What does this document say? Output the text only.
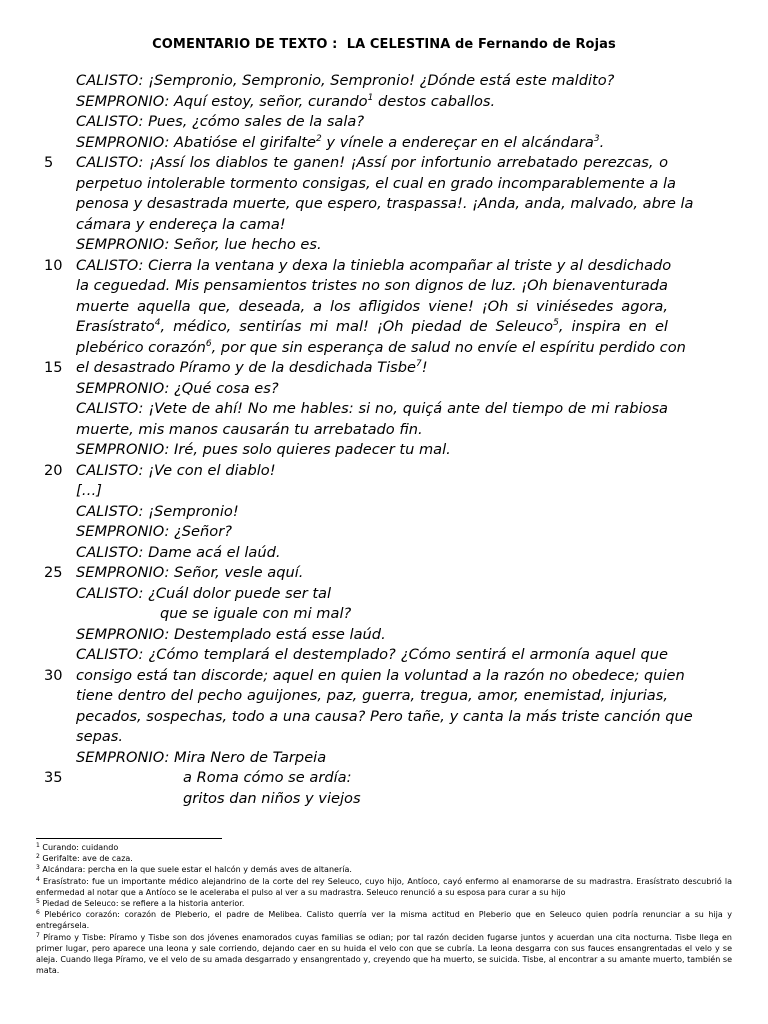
COMENTARIO DE TEXTO :  LA CELESTINA de Fernando de Rojas
CALISTO: ¡Sempronio, Sempronio, Sempronio! ¿Dónde está este maldito?
SEMPRONIO: Aquí estoy, señor, curando$^1$ destos caballos.
CALISTO: Pues, ¿cómo sales de la sala?
SEMPRONIO: Abatióse el girifalte$^2$ y vínele a endereçar en el alcándara$^3$.
5	CALISTO: ¡Assí los diablos te ganen! ¡Assí por infortunio arrebatado perezcas, o
perpetuo intolerable tormento consigas, el cual en grado incomparablemente a la
penosa y desastrada muerte, que espero, traspassa!. ¡Anda, anda, malvado, abre la
cámara y endereça la cama!
SEMPRONIO: Señor, lue hecho es.
10 CALISTO: Cierra la ventana y dexa la tiniebla acompañar al triste y al desdichado
la ceguedad. Mis pensamientos tristes no son dignos de luz. ¡Oh bienaventurada
muerte aquella que, deseada, a los afligidos viene! ¡Oh si viniésedes agora,
Erasístrato$^4$, médico, sentirías mi mal! ¡Oh piedad de Seleuco$^5$, inspira en el
plebérico corazón$^6$, por que sin esperança de salud no envíe el espíritu perdido con
15 el desastrado Píramo y de la desdichada Tisbe$^7$!
SEMPRONIO: ¿Qué cosa es?
CALISTO: ¡Vete de ahí! No me hables: si no, quiçá ante del tiempo de mi rabiosa
muerte, mis manos causarán tu arrebatado fin.
SEMPRONIO: Iré, pues solo quieres padecer tu mal.
20 CALISTO: ¡Ve con el diablo!
[…]
CALISTO: ¡Sempronio!
SEMPRONIO: ¿Señor?
CALISTO: Dame acá el laúd.
25 SEMPRONIO: Señor, vesle aquí.
CALISTO: ¿Cuál dolor puede ser tal
que se iguale con mi mal?
SEMPRONIO: Destemplado está esse laúd.
CALISTO: ¿Cómo templará el destemplado? ¿Cómo sentirá el armonía aquel que
30 consigo está tan discorde; aquel en quien la voluntad a la razón no obedece; quien
tiene dentro del pecho aguijones, paz, guerra, tregua, amor, enemistad, injurias,
pecados, sospechas, todo a una causa? Pero tañe, y canta la más triste canción que
sepas.
SEMPRONIO: Mira Nero de Tarpeia
35	a Roma cómo se ardía:
gritos dan niños y viejos
$^1$ Curando: cuidando
$^2$ Gerifalte: ave de caza.
$^3$ Alcándara: percha en la que suele estar el halcón y demás aves de altanería.
$^4$ Erasístrato: fue un importante médico alejandrino de la corte del rey Seleuco, cuyo hijo, Antíoco, cayó enfermo al enamorarse de su madrastra. Erasístrato descubrió la enfermedad al notar que a Antíoco se le aceleraba el pulso al ver a su madrastra. Seleuco renunció a su esposa para curar a su hijo
$^5$ Piedad de Seleuco: se refiere a la historia anterior.
$^6$ Plebérico corazón: corazón de Pleberio, el padre de Melibea. Calisto querría ver la misma actitud en Pleberio que en Seleuco quien podría renunciar a su hija y entregársela.
$^7$ Píramo y Tisbe: Píramo y Tisbe son dos jóvenes enamorados cuyas familias se odian; por tal razón deciden fugarse juntos y acuerdan una cita nocturna. Tisbe llega en primer lugar, pero aparece una leona y sale corriendo, dejando caer en su huida el velo con que se cubría. La leona desgarra con sus fauces ensangrentadas el velo y se aleja. Cuando llega Píramo, ve el velo de su amada desgarrado y ensangrentado y, creyendo que ha muerto, se suicida. Tisbe, al encontrar a su amante muerto, también se mata.
